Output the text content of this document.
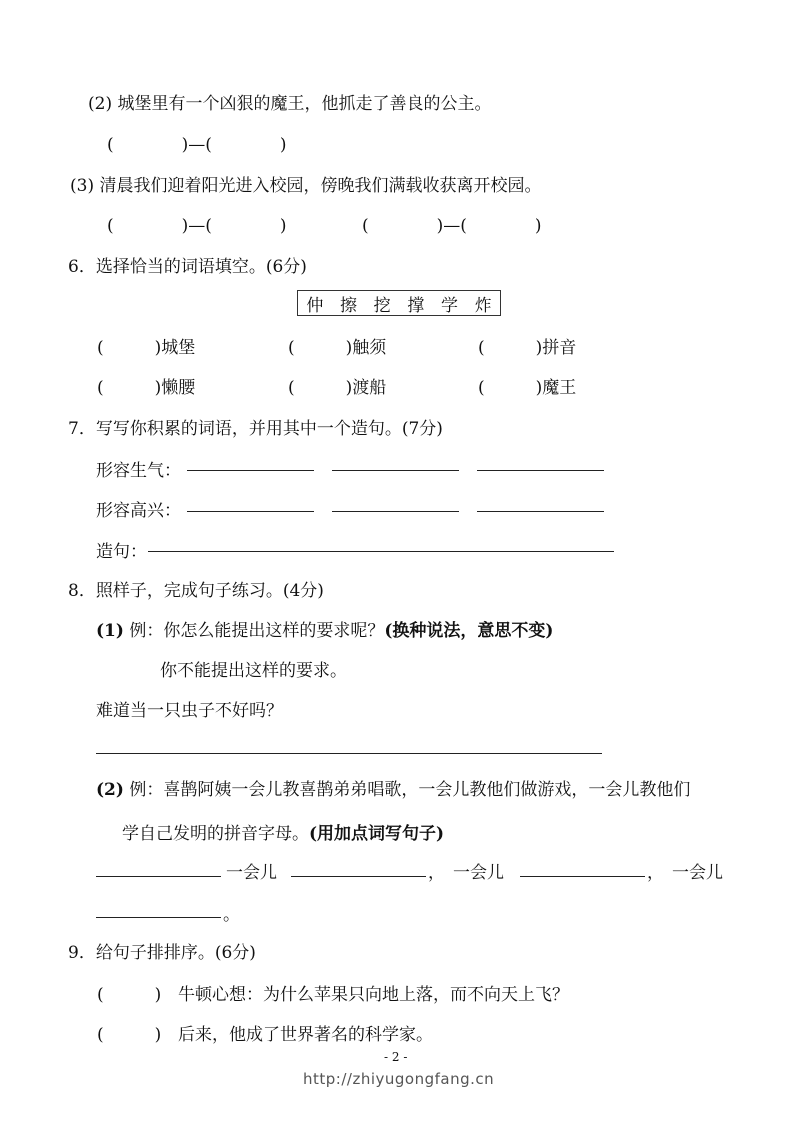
(2) 城堡里有一个凶狠的魔王，他抓走了善良的公主。
(　　　　)—(　　　　)
(3) 清晨我们迎着阳光进入校园，傍晚我们满载收获离开校园。
(　　　　)—(　　　　)	(　　　　)—(　　　　)
6．选择恰当的词语填空。(6分)
仲 擦 挖 撑 学 炸
(　　　)城堡	(　　　)触须	(　　　)拼音
(　　　)懒腰	(　　　)渡船	(　　　)魔王
7．写写你积累的词语，并用其中一个造句。(7分)
形容生气：
形容高兴：
造句：
8．照样子，完成句子练习。(4分)
(1) 例：你怎么能提出这样的要求呢？(换种说法，意思不变)
你不能提出这样的要求。
难道当一只虫子不好吗？
(2) 例：喜鹊阿姨一会儿教喜鹊弟弟唱歌，一会儿教他们做游戏，一会儿教他们
学自己发明的拼音字母。(用加点词写句子)
一会儿	， 一会儿	， 一会儿
。
9．给句子排排序。(6分)
(　　　) 牛顿心想：为什么苹果只向地上落，而不向天上飞？
(　　　) 后来，他成了世界著名的科学家。
- 2 -
http://zhiyugongfang.cn
